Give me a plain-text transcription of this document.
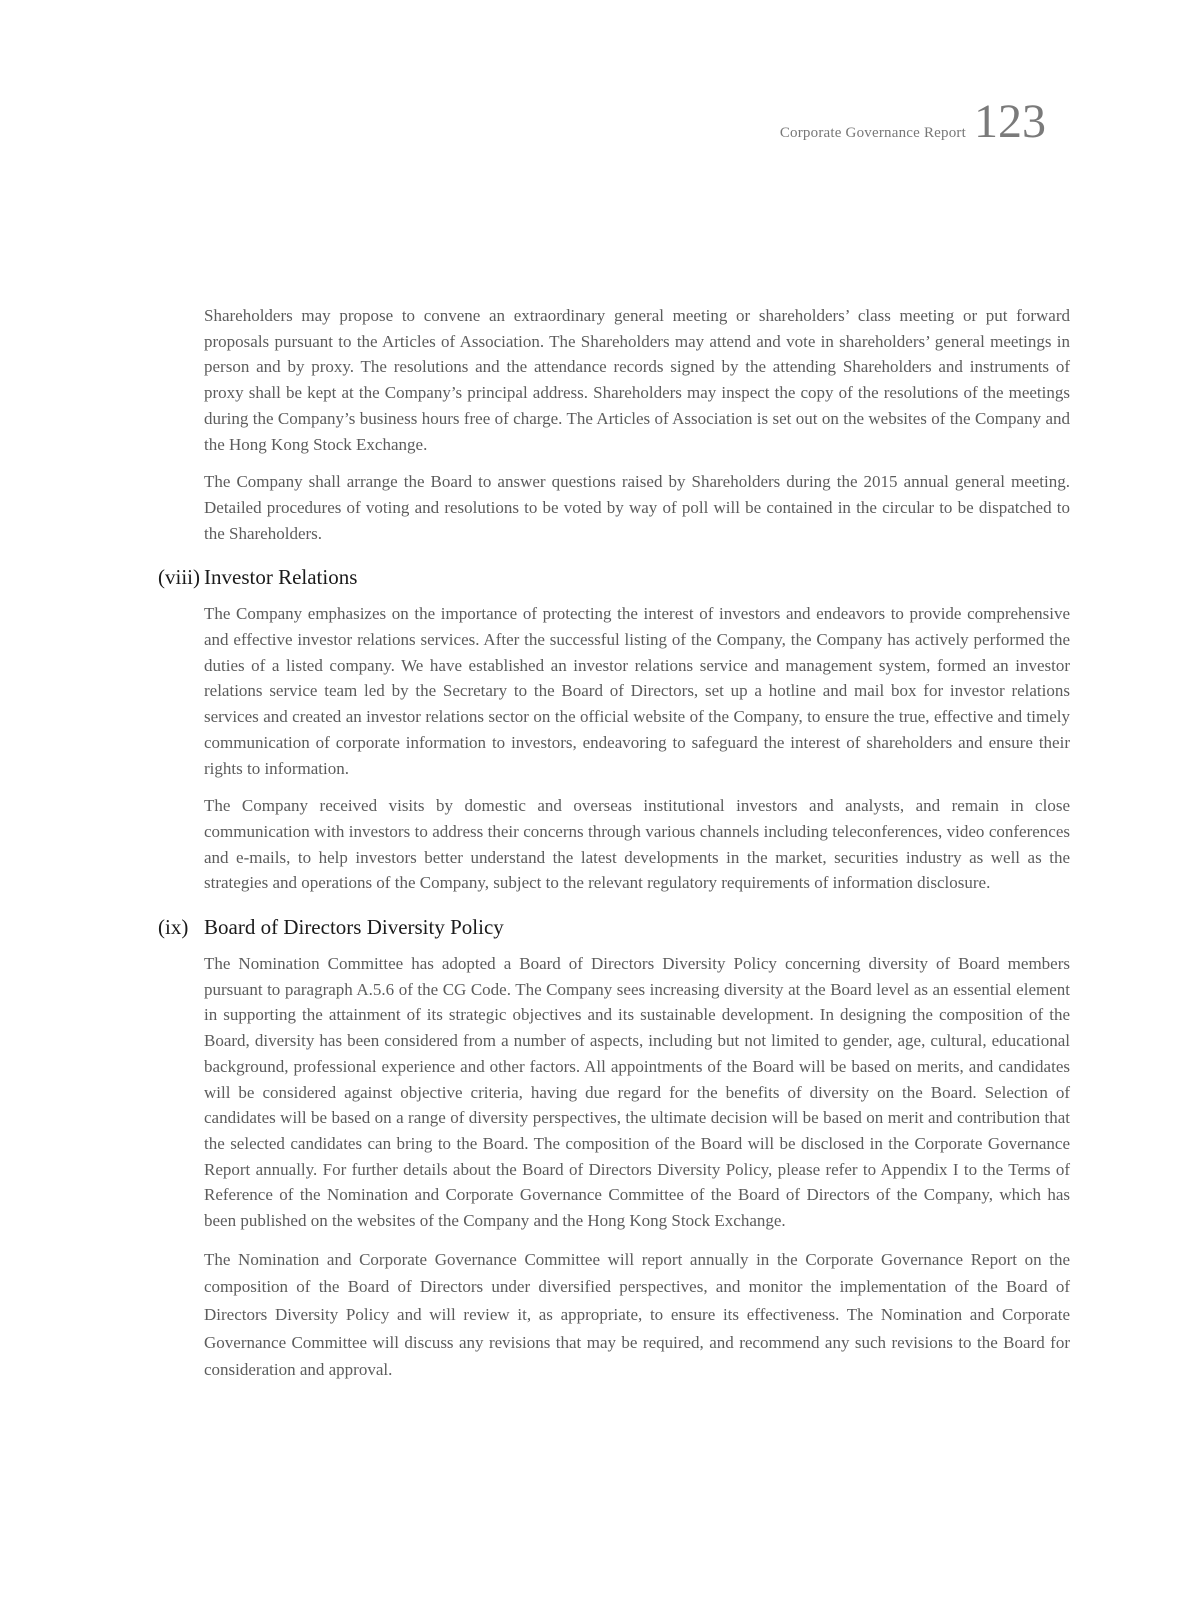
Corporate Governance Report 123

Shareholders may propose to convene an extraordinary general meeting or shareholders’ class meeting or put forward proposals pursuant to the Articles of Association. The Shareholders may attend and vote in shareholders’ general meetings in person and by proxy. The resolutions and the attendance records signed by the attending Shareholders and instruments of proxy shall be kept at the Company’s principal address. Shareholders may inspect the copy of the resolutions of the meetings during the Company’s business hours free of charge. The Articles of Association is set out on the websites of the Company and the Hong Kong Stock Exchange.

The Company shall arrange the Board to answer questions raised by Shareholders during the 2015 annual general meeting. Detailed procedures of voting and resolutions to be voted by way of poll will be contained in the circular to be dispatched to the Shareholders.

(viii) Investor Relations

The Company emphasizes on the importance of protecting the interest of investors and endeavors to provide comprehensive and effective investor relations services. After the successful listing of the Company, the Company has actively performed the duties of a listed company. We have established an investor relations service and management system, formed an investor relations service team led by the Secretary to the Board of Directors, set up a hotline and mail box for investor relations services and created an investor relations sector on the official website of the Company, to ensure the true, effective and timely communication of corporate information to investors, endeavoring to safeguard the interest of shareholders and ensure their rights to information.

The Company received visits by domestic and overseas institutional investors and analysts, and remain in close communication with investors to address their concerns through various channels including teleconferences, video conferences and e-mails, to help investors better understand the latest developments in the market, securities industry as well as the strategies and operations of the Company, subject to the relevant regulatory requirements of information disclosure.

(ix) Board of Directors Diversity Policy

The Nomination Committee has adopted a Board of Directors Diversity Policy concerning diversity of Board members pursuant to paragraph A.5.6 of the CG Code. The Company sees increasing diversity at the Board level as an essential element in supporting the attainment of its strategic objectives and its sustainable development. In designing the composition of the Board, diversity has been considered from a number of aspects, including but not limited to gender, age, cultural, educational background, professional experience and other factors. All appointments of the Board will be based on merits, and candidates will be considered against objective criteria, having due regard for the benefits of diversity on the Board. Selection of candidates will be based on a range of diversity perspectives, the ultimate decision will be based on merit and contribution that the selected candidates can bring to the Board. The composition of the Board will be disclosed in the Corporate Governance Report annually. For further details about the Board of Directors Diversity Policy, please refer to Appendix I to the Terms of Reference of the Nomination and Corporate Governance Committee of the Board of Directors of the Company, which has been published on the websites of the Company and the Hong Kong Stock Exchange.

The Nomination and Corporate Governance Committee will report annually in the Corporate Governance Report on the composition of the Board of Directors under diversified perspectives, and monitor the implementation of the Board of Directors Diversity Policy and will review it, as appropriate, to ensure its effectiveness. The Nomination and Corporate Governance Committee will discuss any revisions that may be required, and recommend any such revisions to the Board for consideration and approval.
